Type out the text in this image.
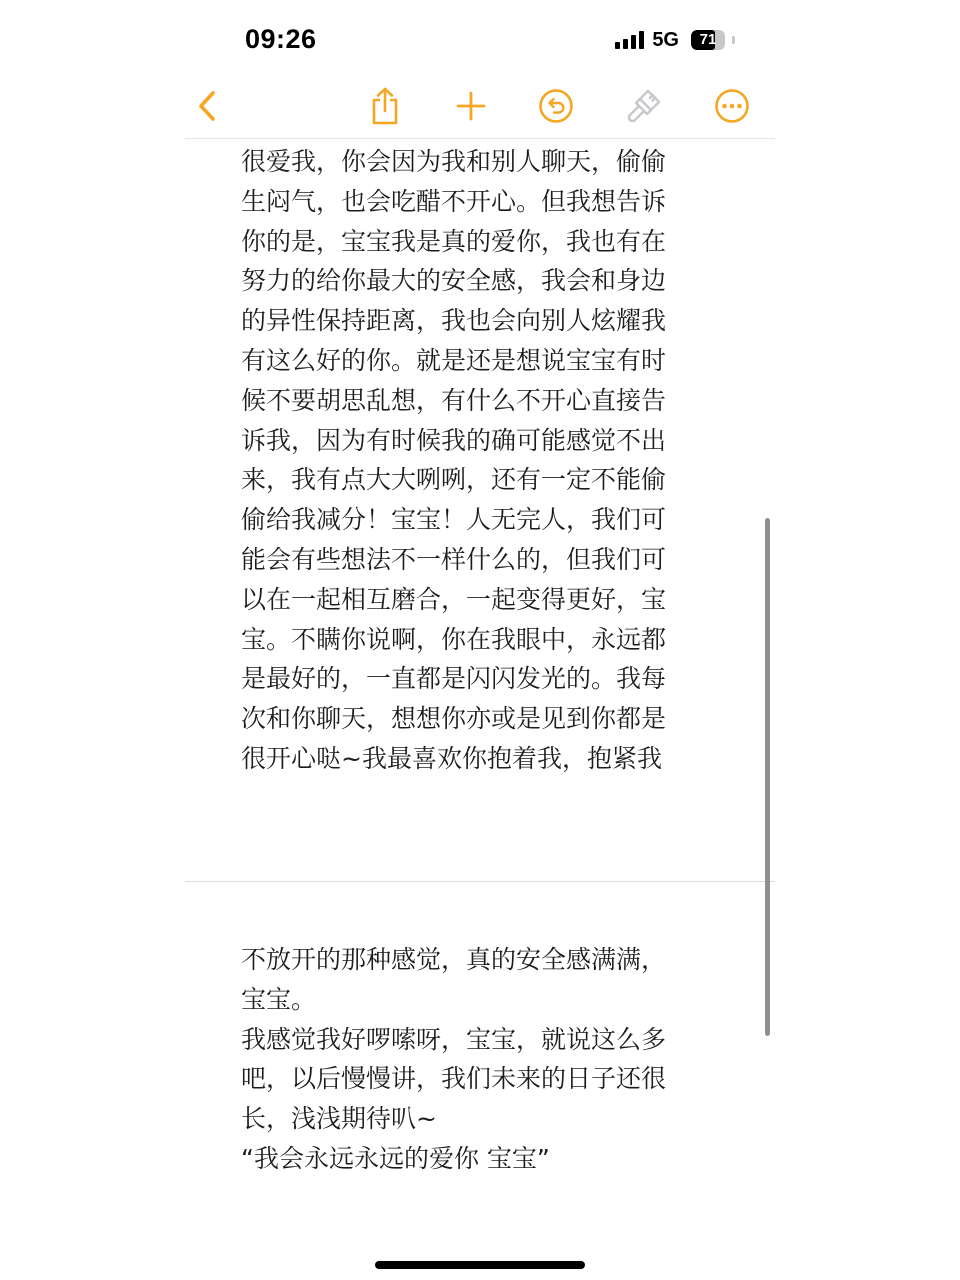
09:26	5G	71
很爱我，你会因为我和别人聊天，偷偷
生闷气，也会吃醋不开心。但我想告诉
你的是，宝宝我是真的爱你，我也有在
努力的给你最大的安全感，我会和身边
的异性保持距离，我也会向别人炫耀我
有这么好的你。就是还是想说宝宝有时
候不要胡思乱想，有什么不开心直接告
诉我，因为有时候我的确可能感觉不出
来，我有点大大咧咧，还有一定不能偷
偷给我减分！宝宝！人无完人，我们可
能会有些想法不一样什么的，但我们可
以在一起相互磨合，一起变得更好，宝
宝。不瞒你说啊，你在我眼中，永远都
是最好的，一直都是闪闪发光的。我每
次和你聊天，想想你亦或是见到你都是
很开心哒~我最喜欢你抱着我，抱紧我
不放开的那种感觉，真的安全感满满，
宝宝。
我感觉我好啰嗦呀，宝宝，就说这么多
吧，以后慢慢讲，我们未来的日子还很
长，浅浅期待叭~
“我会永远永远的爱你 宝宝”
